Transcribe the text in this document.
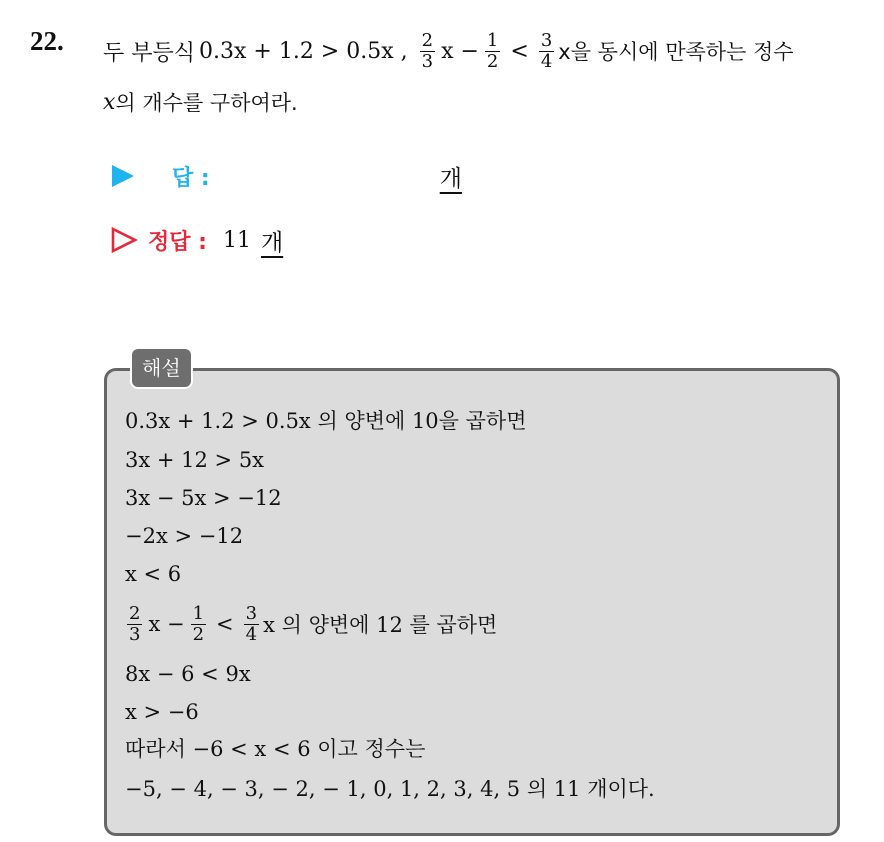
22. 두 부등식 0.3x + 1.2 > 0.5x , $\frac{2}{3}$ $x - \frac{1}{2} < \frac{3}{4}$ x을 동시에 만족하는 정수
x 의 개수를 구하여라.
답 :	개
정답 : 11 개
해설
0.3x + 1.2 > 0.5x 의 양변에 10을 곱하면
3x + 12 > 5x
3x − 5x > −12
−2x > −12
x < 6
$\frac{2}{3}$ $x - \frac{1}{2} < \frac{3}{4}$ x 의 양변에 12 를 곱하면
8x − 6 < 9x
x > −6
따라서 −6 < x < 6 이고 정수는
−5, − 4, − 3, − 2, − 1, 0, 1, 2, 3, 4, 5 의 11 개이다.
